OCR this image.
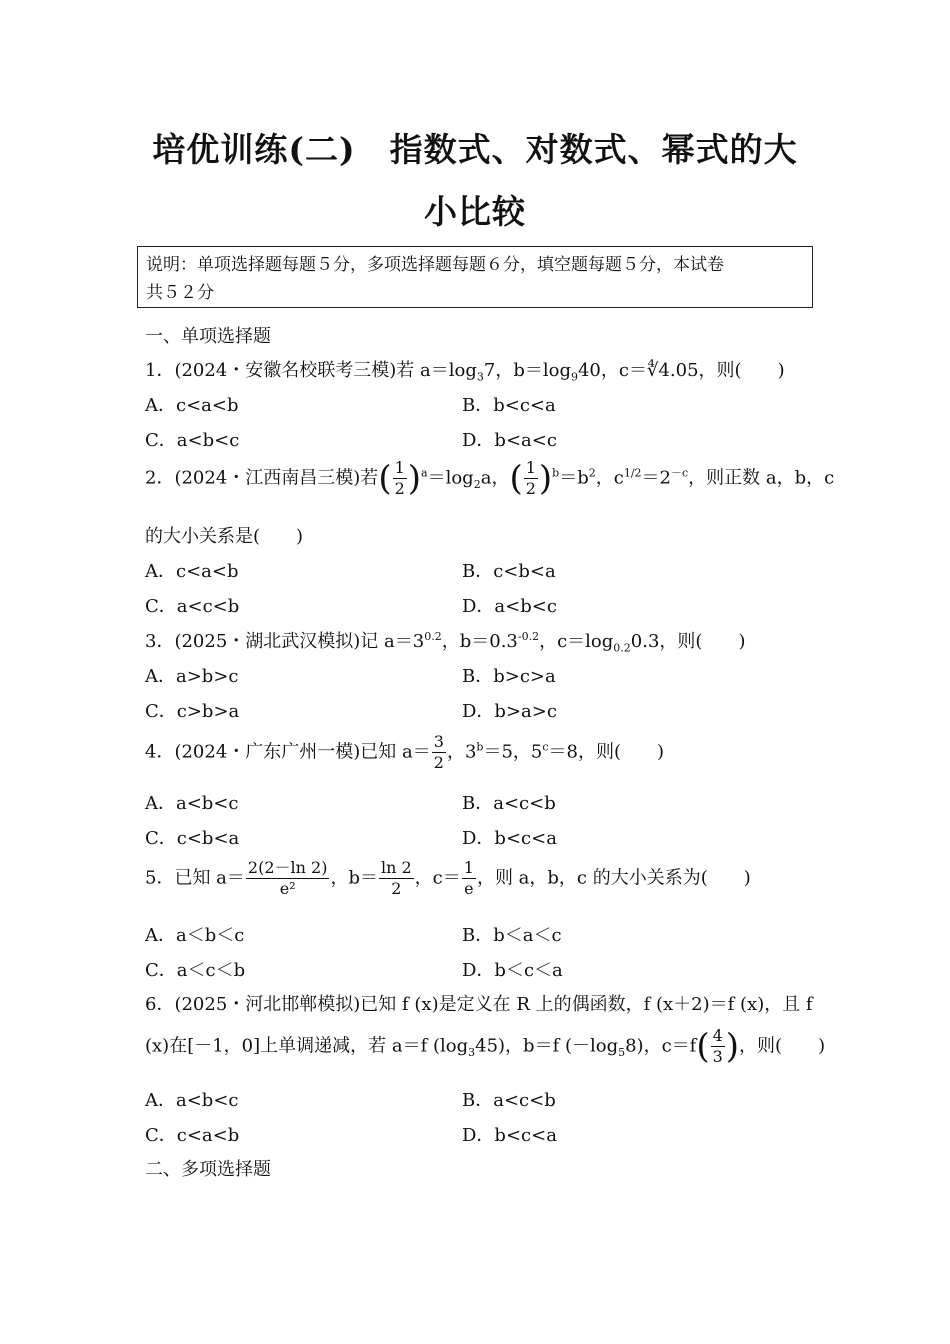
培优训练(二)　指数式、对数式、幂式的大
小比较
说明：单项选择题每题５分，多项选择题每题６分，填空题每题５分，本试卷
共５２分
一、单项选择题
1．(2024・安徽名校联考三模)若 $a=\log_37$，$b=\log_940$，c＝∜4.05，则(　　)
A．c<a<b	B．b<c<a
C．a<b<c	D．b<a<c
2．(2024・江西南昌三模)若( $\frac{1}{2} )^a=\log_2a$，( $\frac{1}{2} )^b=b^2$，$c^{1/2}=2^{-c}$，则正数 a，b，c
的大小关系是(　　)
A．c<a<b	B．c<b<a
C．a<c<b	D．a<b<c
3．(2025・湖北武汉模拟)记 $a=3^{0.2}$，$b=0.3^{-0.2}$，$c=\log_{0.2}0.3$，则(　　)
A．a>b>c	B．b>c>a
C．c>b>a	D．b>a>c
4．(2024・广东广州一模)已知 $a= \frac{3}{2}$ ，$3^b=5$，$5^c=8$，则(　　)
A．a<b<c	B．a<c<b
C．c<b<a	D．b<c<a
5．已知 $a= \frac{2(2-\ln 2)}{\text{e²}}$ ，$b= \frac{\ln 2}{2}$ ，$c= \frac{1}{e}$ ，则 a，b，c 的大小关系为(　　)
A．a＜b＜c	B．b＜a＜c
C．a＜c＜b	D．b＜c＜a
6．(2025・河北邯郸模拟)已知 f (x)是定义在 R 上的偶函数，f (x＋2)＝f (x)，且 f
(x)在[－1，0]上单调递减，若 a＝f $(\log_345)$，b＝f $(-\log_58)$，$c=f( \frac{4}{3}$ )，则(　　)
A．a<b<c	B．a<c<b
C．c<a<b	D．b<c<a
二、多项选择题
